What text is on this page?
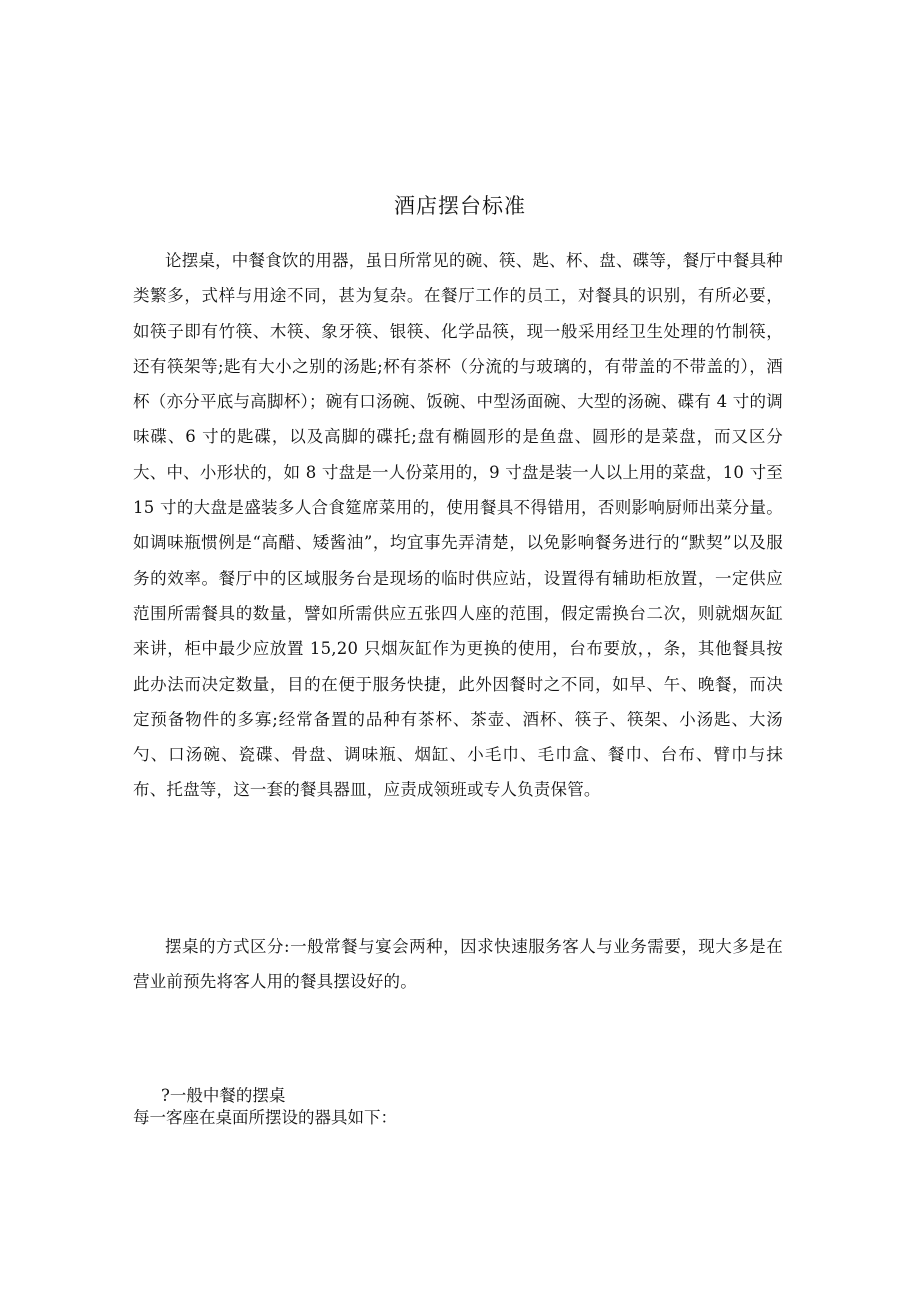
酒店摆台标准

论摆桌，中餐食饮的用器，虽日所常见的碗、筷、匙、杯、盘、碟等，餐厅中餐具种类繁多，式样与用途不同，甚为复杂。在餐厅工作的员工，对餐具的识别，有所必要，如筷子即有竹筷、木筷、象牙筷、银筷、化学品筷，现一般采用经卫生处理的竹制筷，还有筷架等;匙有大小之别的汤匙;杯有茶杯（分流的与玻璃的，有带盖的不带盖的），酒杯（亦分平底与高脚杯）；碗有口汤碗、饭碗、中型汤面碗、大型的汤碗、碟有 4 寸的调味碟、6 寸的匙碟，以及高脚的碟托;盘有椭圆形的是鱼盘、圆形的是菜盘，而又区分大、中、小形状的，如 8 寸盘是一人份菜用的，9 寸盘是装一人以上用的菜盘，10 寸至 15 寸的大盘是盛装多人合食筵席菜用的，使用餐具不得错用，否则影响厨师出菜分量。如调味瓶惯例是“高醋、矮酱油”，均宜事先弄清楚，以免影响餐务进行的“默契”以及服务的效率。餐厅中的区域服务台是现场的临时供应站，设置得有辅助柜放置，一定供应范围所需餐具的数量，譬如所需供应五张四人座的范围，假定需换台二次，则就烟灰缸来讲，柜中最少应放置 15,20 只烟灰缸作为更换的使用，台布要放，，条，其他餐具按此办法而决定数量，目的在便于服务快捷，此外因餐时之不同，如早、午、晚餐，而决定预备物件的多寡;经常备置的品种有茶杯、茶壶、酒杯、筷子、筷架、小汤匙、大汤勺、口汤碗、瓷碟、骨盘、调味瓶、烟缸、小毛巾、毛巾盒、餐巾、台布、臂巾与抹布、托盘等，这一套的餐具器皿，应责成领班或专人负责保管。

摆桌的方式区分:一般常餐与宴会两种，因求快速服务客人与业务需要，现大多是在营业前预先将客人用的餐具摆设好的。

?一般中餐的摆桌

每一客座在桌面所摆设的器具如下：
